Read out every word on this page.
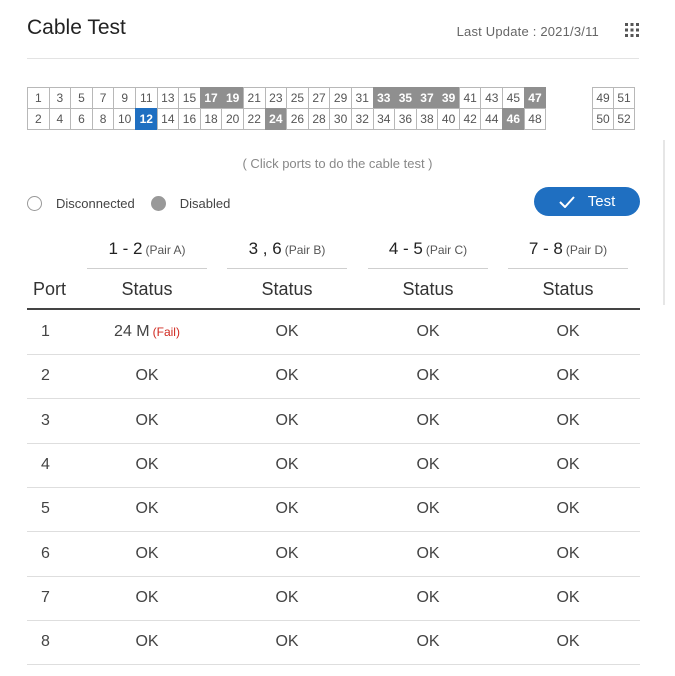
Cable Test	Last Update : 2021/3/11
1	3	5	7	9	11 13 15 17 19 21 23 25 27 29 31 33 35 37 39 41 43 45 47
2	4	6	8 10 12 14 16 18 20 22 24 26 28 30 32 34 36 38 40 42 44 46 48
49 51
50 52
( Click ports to do the cable test )
Disconnected	Disabled	Test
1 - 2 (Pair A)	3 , 6 (Pair B)	4 - 5 (Pair C)	7 - 8 (Pair D)
Port	Status	Status	Status	Status
1	24 M (Fail)	OK	OK	OK
2	OK	OK	OK	OK
3	OK	OK	OK	OK
4	OK	OK	OK	OK
5	OK	OK	OK	OK
6	OK	OK	OK	OK
7	OK	OK	OK	OK
8	OK	OK	OK	OK
